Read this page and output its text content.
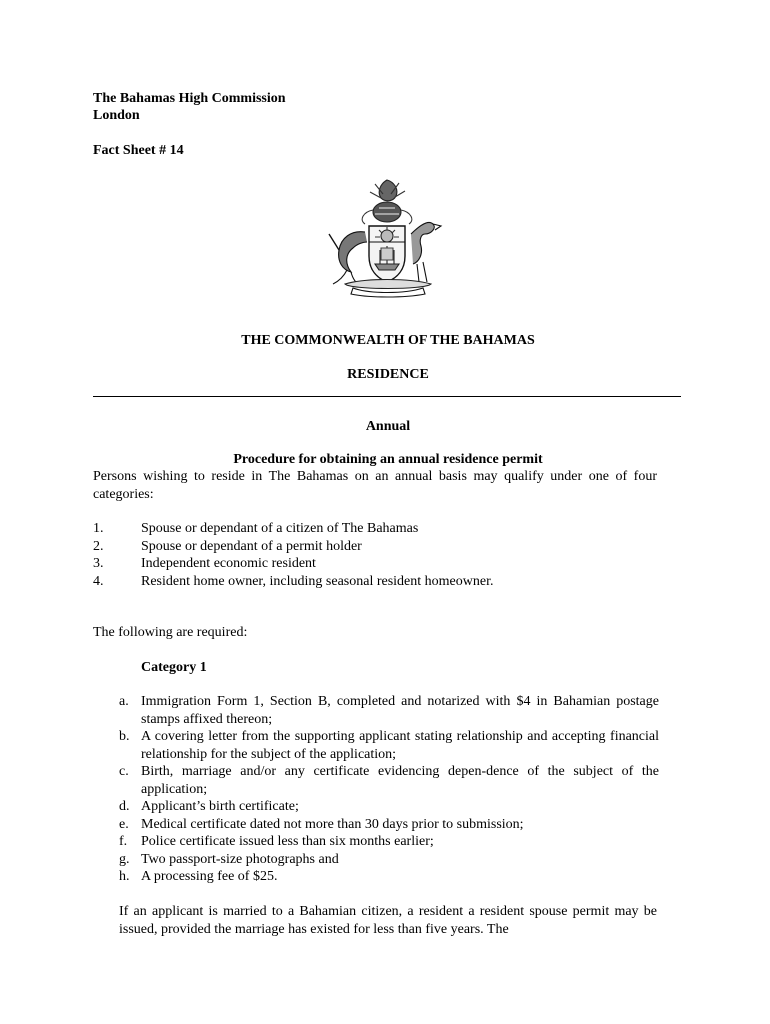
The Bahamas High Commission
London
Fact Sheet # 14
THE COMMONWEALTH OF THE BAHAMAS
RESIDENCE
Annual
Procedure for obtaining an annual residence permit
Persons wishing to reside in The Bahamas on an annual basis may qualify under one of four categories:
1.	Spouse or dependant of a citizen of The Bahamas
2.	Spouse or dependant of a permit holder
3.	Independent economic resident
4.	Resident home owner, including seasonal resident homeowner.
The following are required:
Category 1
a. Immigration Form 1, Section B, completed and notarized with $4 in Bahamian postage stamps affixed thereon;
b. A covering letter from the supporting applicant stating relationship and accepting financial relationship for the subject of the application;
c. Birth, marriage and/or any certificate evidencing depen-dence of the subject of the application;
d. Applicant’s birth certificate;
e. Medical certificate dated not more than 30 days prior to submission;
f. Police certificate issued less than six months earlier;
g. Two passport-size photographs and
h. A processing fee of $25.
If an applicant is married to a Bahamian citizen, a resident a resident spouse permit may be issued, provided the marriage has existed for less than five years. The
